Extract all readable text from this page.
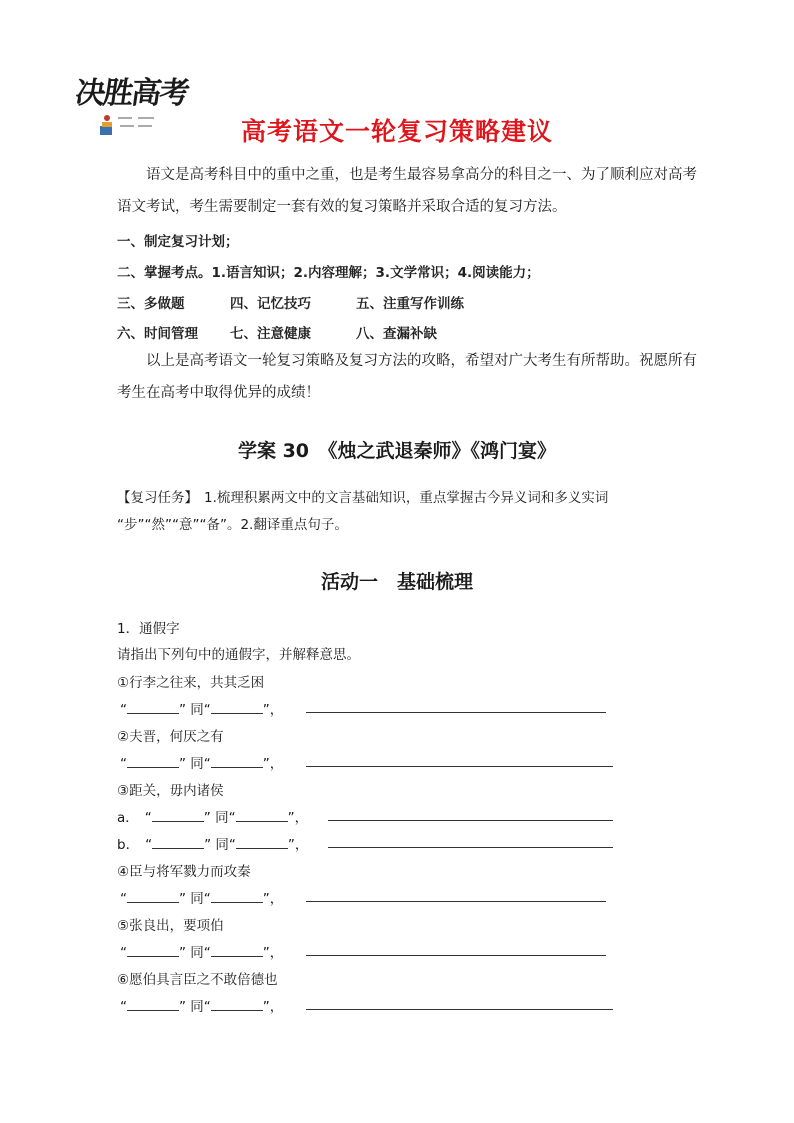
决胜高考
高考语文一轮复习策略建议
语文是高考科目中的重中之重，也是考生最容易拿高分的科目之一、为了顺利应对高考
语文考试，考生需要制定一套有效的复习策略并采取合适的复习方法。
一、制定复习计划；
二、掌握考点。1.语言知识；2.内容理解；3.文学常识；4.阅读能力；
三、多做题	四、记忆技巧	五、注重写作训练
六、时间管理 七、注意健康	八、查漏补缺
以上是高考语文一轮复习策略及复习方法的攻略，希望对广大考生有所帮助。祝愿所有
考生在高考中取得优异的成绩！
学案 30　《烛之武退秦师》《鸿门宴》
【复习任务】 1.梳理积累两文中的文言基础知识，重点掌握古今异义词和多义实词
“步”“然”“意”“备”。2.翻译重点句子。
活动一　基础梳理
1．通假字
请指出下列句中的通假字，并解释意思。
①行李之往来，共其乏困
“	” 同“	”，
②夫晋，何厌之有
“	” 同“	”，
③距关，毋内诸侯
a． “	” 同“	”，
b． “	” 同“	”，
④臣与将军戮力而攻秦
“	” 同“	”，
⑤张良出，要项伯
“	” 同“	”，
⑥愿伯具言臣之不敢倍德也
“	” 同“	”，
